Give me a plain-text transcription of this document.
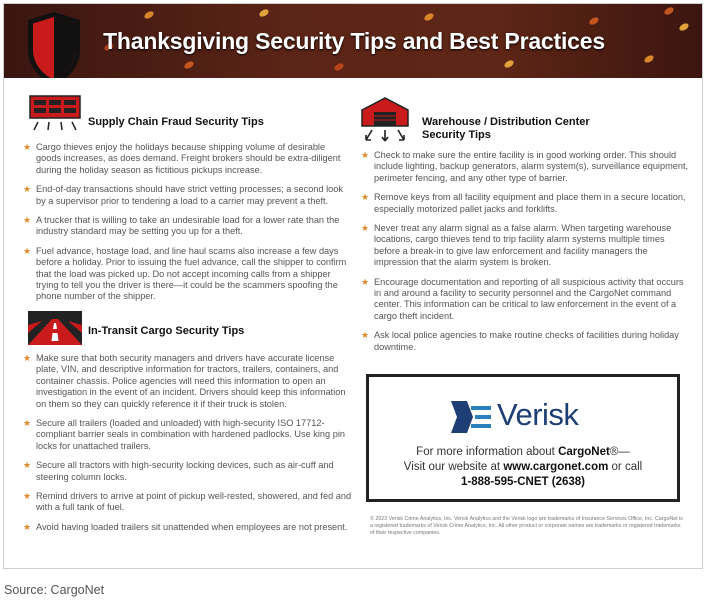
Thanksgiving Security Tips and Best Practices
Supply Chain Fraud Security Tips
★ Cargo thieves enjoy the holidays because shipping volume of desirable goods increases, as does demand. Freight brokers should be extra-diligent during the holiday season as fictitious pickups increase.
★ End-of-day transactions should have strict vetting processes; a second look by a supervisor prior to tendering a load to a carrier may prevent a theft.
★ A trucker that is willing to take an undesirable load for a lower rate than the industry standard may be setting you up for a theft.
★ Fuel advance, hostage load, and line haul scams also increase a few days before a holiday. Prior to issuing the fuel advance, call the shipper to confirm that the load was picked up. Do not accept incoming calls from a shipper trying to tell you the driver is there—it could be the scammers spoofing the phone number of the shipper.
In-Transit Cargo Security Tips
★ Make sure that both security managers and drivers have accurate license plate, VIN, and descriptive information for tractors, trailers, containers, and container chassis. Police agencies will need this information to open an investigation in the event of an incident. Drivers should keep this information on them so they can quickly reference it if their truck is stolen.
★ Secure all trailers (loaded and unloaded) with high-security ISO 17712-compliant barrier seals in combination with hardened padlocks. Use king pin locks for unattached trailers.
★ Secure all tractors with high-security locking devices, such as air-cuff and steering column locks.
★ Remind drivers to arrive at point of pickup well-rested, showered, and fed and with a full tank of fuel.
★ Avoid having loaded trailers sit unattended when employees are not present.
Warehouse / Distribution Center
Security Tips
★ Check to make sure the entire facility is in good working order. This should include lighting, backup generators, alarm system(s), surveillance equipment, perimeter fencing, and any other type of barrier.
★ Remove keys from all facility equipment and place them in a secure location, especially motorized pallet jacks and forklifts.
★ Never treat any alarm signal as a false alarm. When targeting warehouse locations, cargo thieves tend to trip facility alarm systems multiple times before a break-in to give law enforcement and facility managers the impression that the alarm system is broken.
★ Encourage documentation and reporting of all suspicious activity that occurs in and around a facility to security personnel and the CargoNet command center. This information can be critical to law enforcement in the event of a cargo theft incident.
★ Ask local police agencies to make routine checks of facilities during holiday downtime.
Verisk
For more information about CargoNet®—
Visit our website at www.cargonet.com or call
1-888-595-CNET (2638)
© 2023 Verisk Crime Analytics, Inc. Verisk Analytics and the Verisk logo are trademarks of Insurance Services Office, Inc. CargoNet is a registered trademarks of Verisk Crime Analytics, Inc. All other product or corporate names are trademarks or registered trademarks of their respective companies.
Source: CargoNet
